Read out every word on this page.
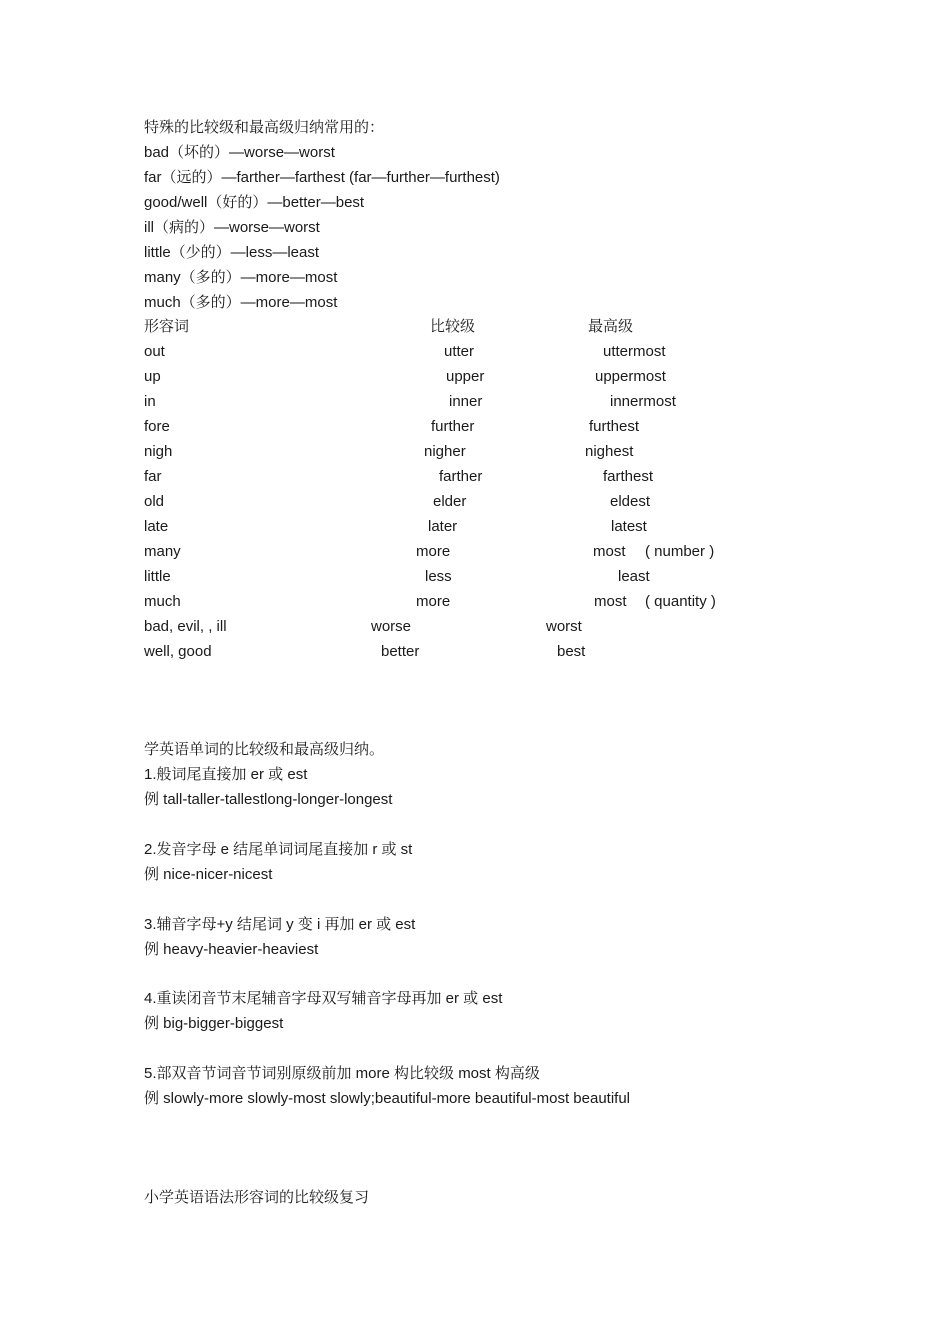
特殊的比较级和最高级归纳常用的：
bad（坏的）—worse—worst
far（远的）—farther—farthest (far—further—furthest)
good/well（好的）—better—best
ill（病的）—worse—worst
little（少的）—less—least
many（多的）—more—most
much（多的）—more—most
形容词	比较级	最高级
out	utter	uttermost
up	upper	uppermost
in	inner	innermost
fore	further	furthest
nigh	nigher	nighest
far	farther	farthest
old	elder	eldest
late	later	latest
many	more	most ( number )
little	less	least
much	more	most ( quantity )
bad, evil, , ill	worse	worst
well, good	better	best
学英语单词的比较级和最高级归纳。
1.般词尾直接加 er 或 est
例 tall-taller-tallestlong-longer-longest
2.发音字母 e 结尾单词词尾直接加 r 或 st
例 nice-nicer-nicest
3.辅音字母+y 结尾词 y 变 i 再加 er 或 est
例 heavy-heavier-heaviest
4.重读闭音节末尾辅音字母双写辅音字母再加 er 或 est
例 big-bigger-biggest
5.部双音节词音节词别原级前加 more 构比较级 most 构高级
例 slowly-more slowly-most slowly;beautiful-more beautiful-most beautiful
小学英语语法形容词的比较级复习
